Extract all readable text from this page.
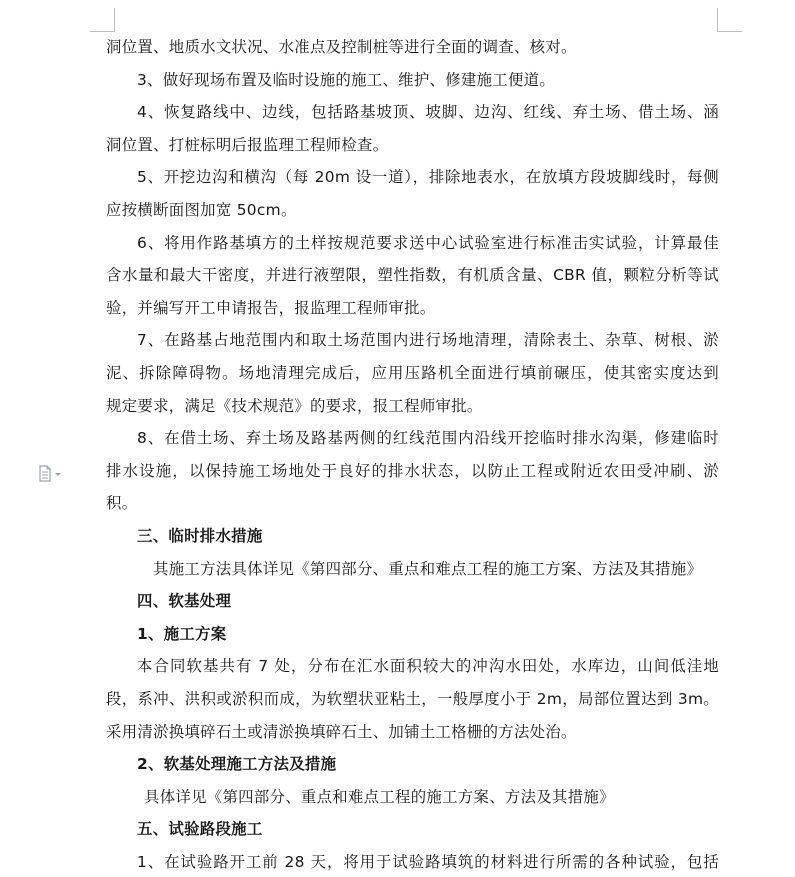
洞位置、地质水文状况、水准点及控制桩等进行全面的调查、核对。
3、做好现场布置及临时设施的施工、维护、修建施工便道。
4、恢复路线中、边线，包括路基坡顶、坡脚、边沟、红线、弃土场、借土场、涵
洞位置、打桩标明后报监理工程师检查。
5、开挖边沟和横沟（每 20m 设一道），排除地表水，在放填方段坡脚线时，每侧
应按横断面图加宽 50cm。
6、将用作路基填方的土样按规范要求送中心试验室进行标准击实试验，计算最佳
含水量和最大干密度，并进行液塑限，塑性指数，有机质含量、CBR 值，颗粒分析等试
验，并编写开工申请报告，报监理工程师审批。
7、在路基占地范围内和取土场范围内进行场地清理，清除表土、杂草、树根、淤
泥、拆除障碍物。场地清理完成后，应用压路机全面进行填前碾压，使其密实度达到
规定要求，满足《技术规范》的要求，报工程师审批。
8、在借土场、弃土场及路基两侧的红线范围内沿线开挖临时排水沟渠，修建临时
排水设施，以保持施工场地处于良好的排水状态，以防止工程或附近农田受冲刷、淤
积。
三、临时排水措施
其施工方法具体详见《第四部分、重点和难点工程的施工方案、方法及其措施》
四、软基处理
1、施工方案
本合同软基共有 7 处，分布在汇水面积较大的冲沟水田处，水库边，山间低洼地
段，系冲、洪积或淤积而成，为软塑状亚粘土，一般厚度小于 2m，局部位置达到 3m。
采用清淤换填碎石土或清淤换填碎石土、加铺土工格栅的方法处治。
2、软基处理施工方法及措施
具体详见《第四部分、重点和难点工程的施工方案、方法及其措施》
五、试验路段施工
1、在试验路开工前 28 天，将用于试验路填筑的材料进行所需的各种试验，包括
